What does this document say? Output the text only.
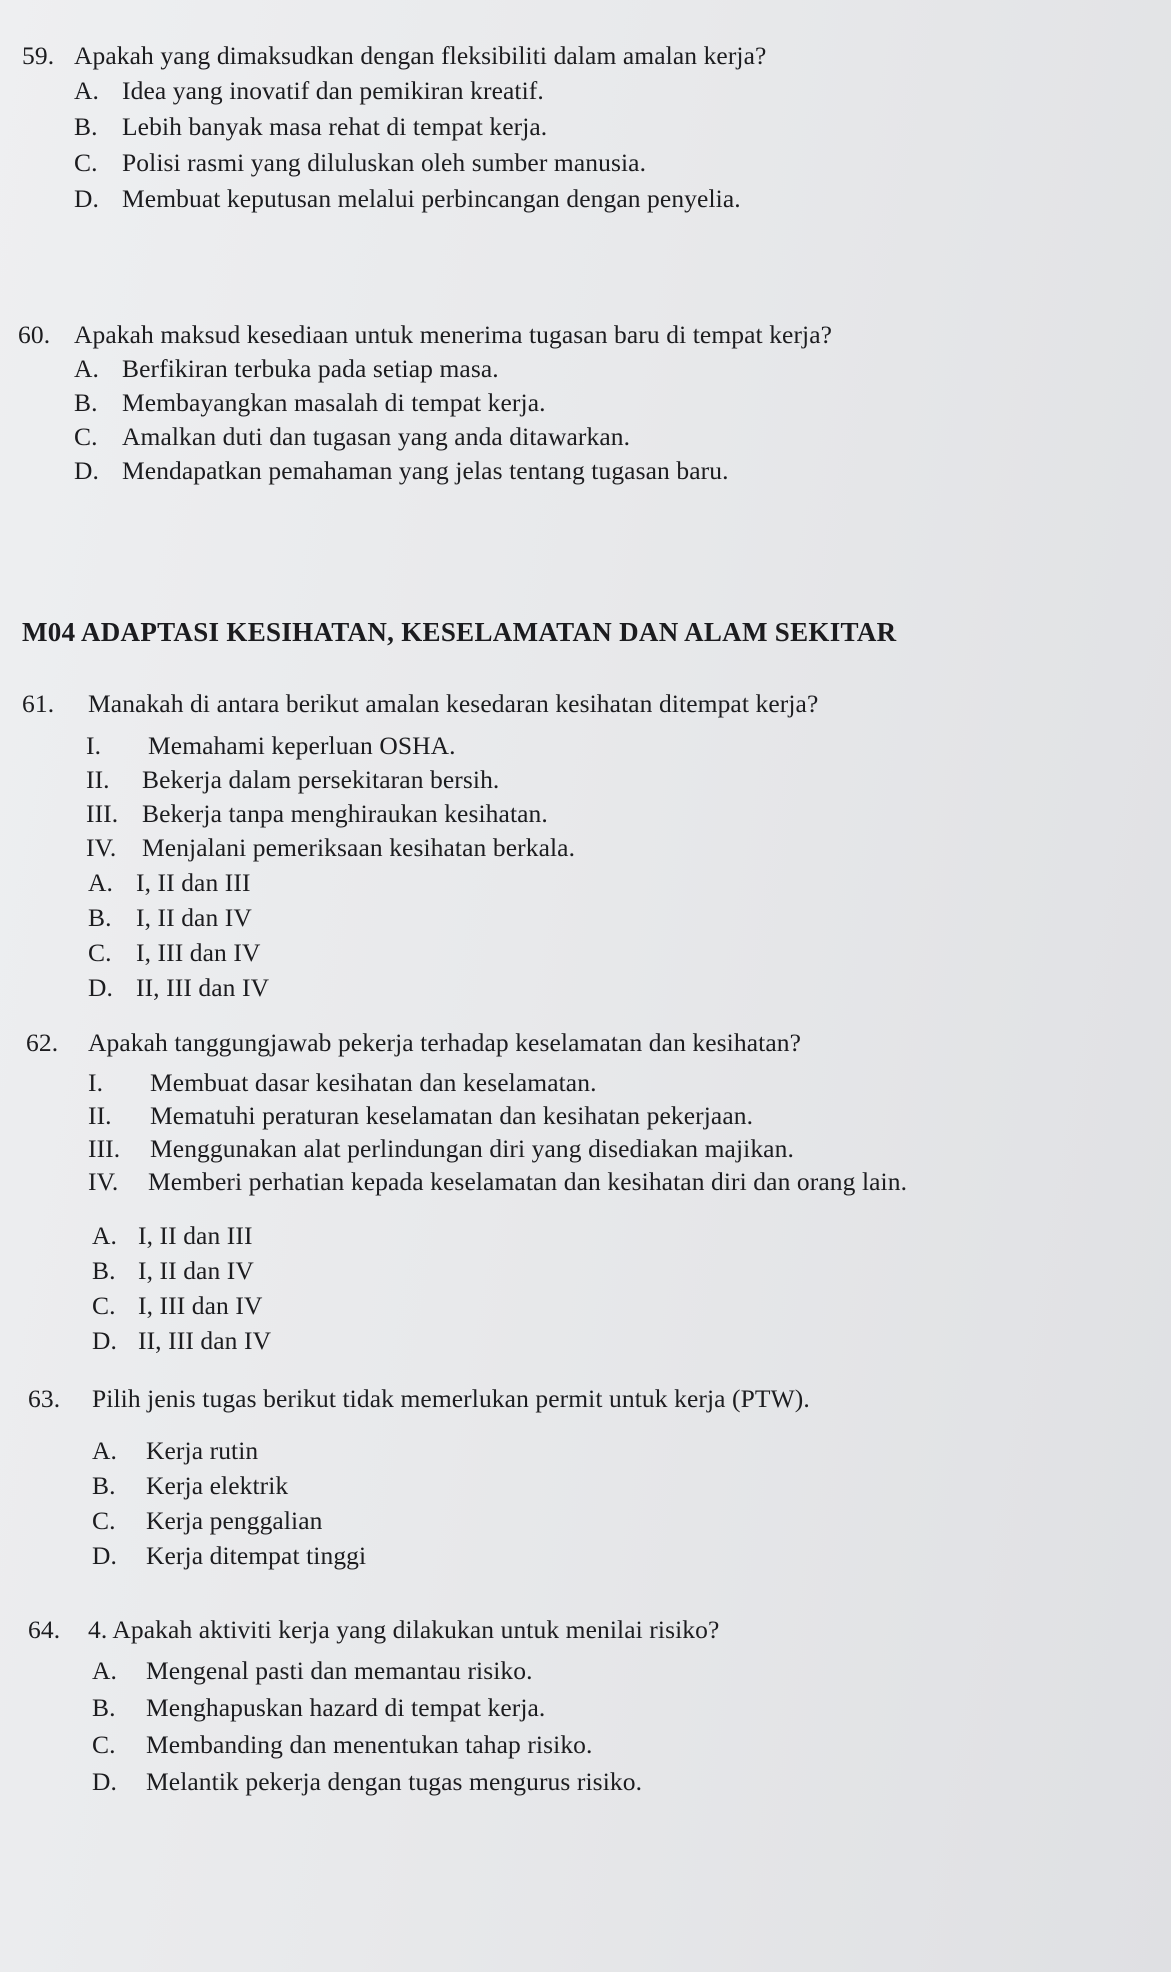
59. Apakah yang dimaksudkan dengan fleksibiliti dalam amalan kerja?
A. Idea yang inovatif dan pemikiran kreatif.
B. Lebih banyak masa rehat di tempat kerja.
C. Polisi rasmi yang diluluskan oleh sumber manusia.
D. Membuat keputusan melalui perbincangan dengan penyelia.
60. Apakah maksud kesediaan untuk menerima tugasan baru di tempat kerja?
A. Berfikiran terbuka pada setiap masa.
B. Membayangkan masalah di tempat kerja.
C. Amalkan duti dan tugasan yang anda ditawarkan.
D. Mendapatkan pemahaman yang jelas tentang tugasan baru.
M04 ADAPTASI KESIHATAN, KESELAMATAN DAN ALAM SEKITAR
61. Manakah di antara berikut amalan kesedaran kesihatan ditempat kerja?
I. Memahami keperluan OSHA.
II. Bekerja dalam persekitaran bersih.
III. Bekerja tanpa menghiraukan kesihatan.
IV. Menjalani pemeriksaan kesihatan berkala.
A. I, II dan III
B. I, II dan IV
C. I, III dan IV
D. II, III dan IV
62. Apakah tanggungjawab pekerja terhadap keselamatan dan kesihatan?
I. Membuat dasar kesihatan dan keselamatan.
II. Mematuhi peraturan keselamatan dan kesihatan pekerjaan.
III. Menggunakan alat perlindungan diri yang disediakan majikan.
IV. Memberi perhatian kepada keselamatan dan kesihatan diri dan orang lain.
A. I, II dan III
B. I, II dan IV
C. I, III dan IV
D. II, III dan IV
63. Pilih jenis tugas berikut tidak memerlukan permit untuk kerja (PTW).
A. Kerja rutin
B. Kerja elektrik
C. Kerja penggalian
D. Kerja ditempat tinggi
64. 4. Apakah aktiviti kerja yang dilakukan untuk menilai risiko?
A. Mengenal pasti dan memantau risiko.
B. Menghapuskan hazard di tempat kerja.
C. Membanding dan menentukan tahap risiko.
D. Melantik pekerja dengan tugas mengurus risiko.
